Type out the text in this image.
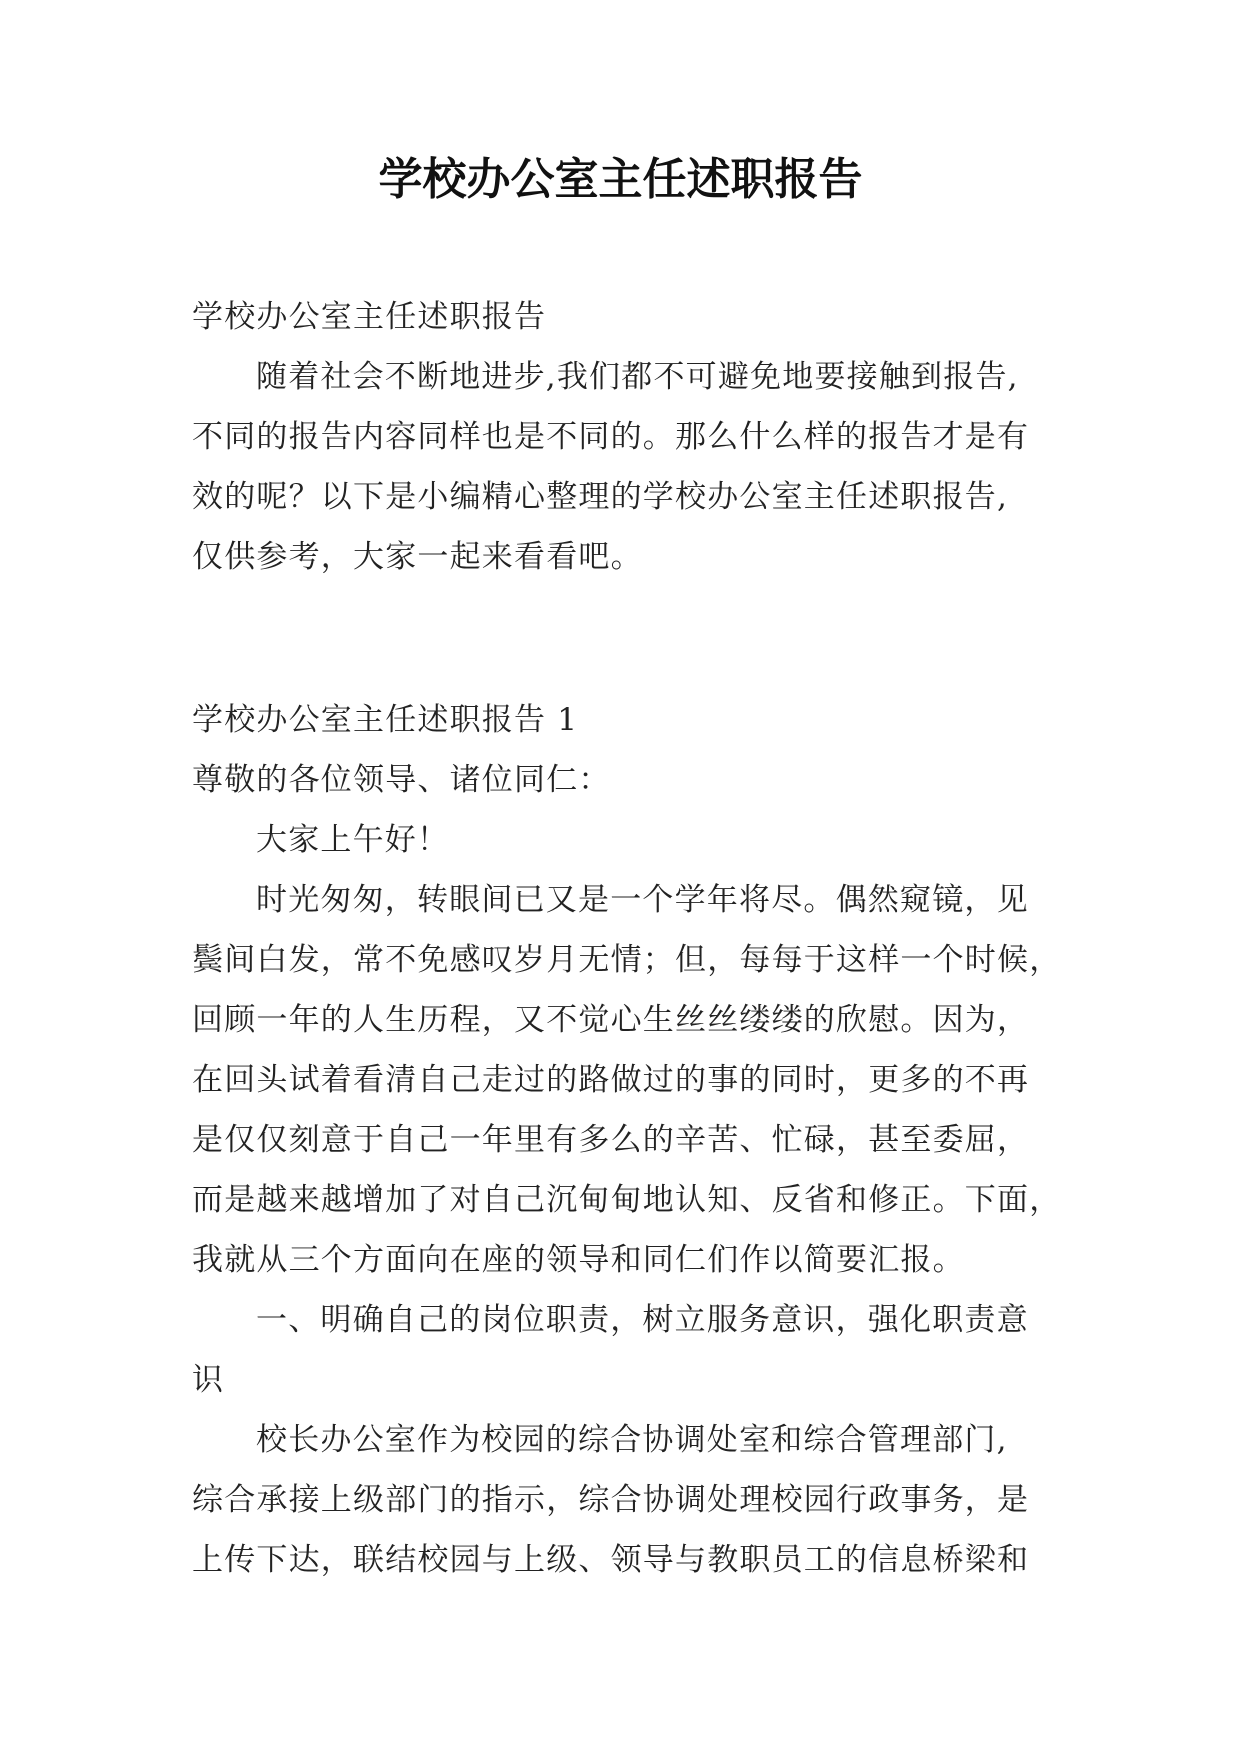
学校办公室主任述职报告
学校办公室主任述职报告
随着社会不断地进步,我们都不可避免地要接触到报告,
不同的报告内容同样也是不同的。那么什么样的报告才是有
效的呢？以下是小编精心整理的学校办公室主任述职报告,
仅供参考，大家一起来看看吧。
学校办公室主任述职报告 1
尊敬的各位领导、诸位同仁：
大家上午好！
时光匆匆，转眼间已又是一个学年将尽。偶然窥镜，见
鬓间白发，常不免感叹岁月无情；但，每每于这样一个时候，
回顾一年的人生历程，又不觉心生丝丝缕缕的欣慰。因为，
在回头试着看清自己走过的路做过的事的同时，更多的不再
是仅仅刻意于自己一年里有多么的辛苦、忙碌，甚至委屈，
而是越来越增加了对自己沉甸甸地认知、反省和修正。下面，
我就从三个方面向在座的领导和同仁们作以简要汇报。
一、明确自己的岗位职责，树立服务意识，强化职责意
识
校长办公室作为校园的综合协调处室和综合管理部门,
综合承接上级部门的指示，综合协调处理校园行政事务，是
上传下达，联结校园与上级、领导与教职员工的信息桥梁和
